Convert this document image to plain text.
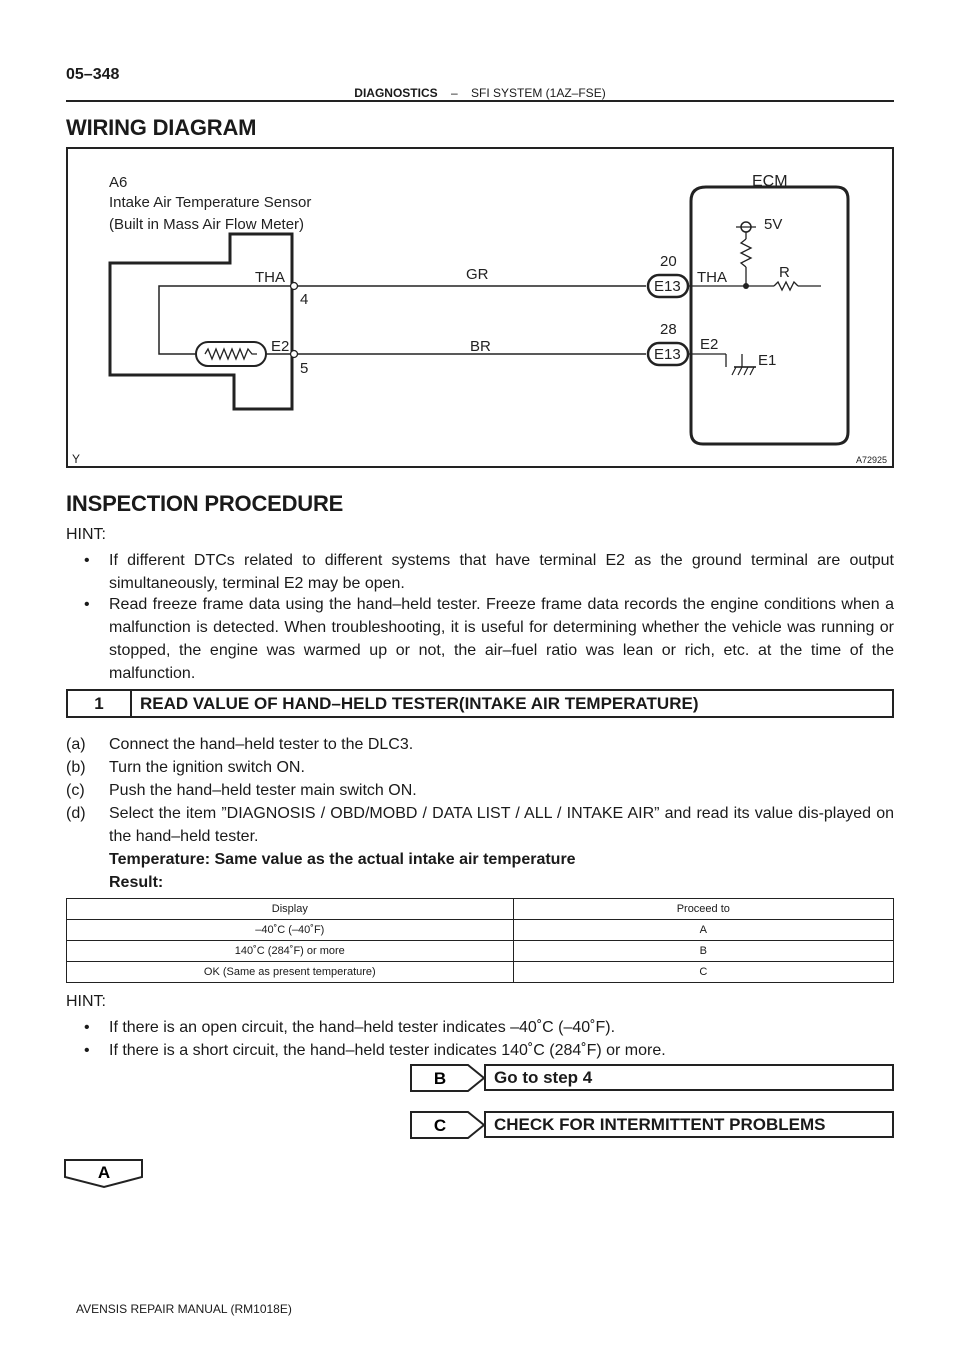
05–348
DIAGNOSTICS – SFI SYSTEM (1AZ–FSE)
WIRING DIAGRAM
A6
Intake Air Temperature Sensor
(Built in Mass Air Flow Meter)
ECM
5V
R
THA
E2
4
5
GR
BR
20
28
E13
E13
THA
E2
E1
Y	A72925
INSPECTION PROCEDURE
HINT:
• If different DTCs related to different systems that have terminal E2 as the ground terminal are output simultaneously, terminal E2 may be open.
• Read freeze frame data using the hand–held tester. Freeze frame data records the engine conditions when a malfunction is detected. When troubleshooting, it is useful for determining whether the vehicle was running or stopped, the engine was warmed up or not, the air–fuel ratio was lean or rich, etc. at the time of the malfunction.
1	READ VALUE OF HAND–HELD TESTER(INTAKE AIR TEMPERATURE)
(a) Connect the hand–held tester to the DLC3.
(b) Turn the ignition switch ON.
(c) Push the hand–held tester main switch ON.
(d) Select the item ”DIAGNOSIS / OBD/MOBD / DATA LIST / ALL / INTAKE AIR” and read its value dis-played on the hand–held tester.
Temperature: Same value as the actual intake air temperature
Result:
Display	Proceed to
–40˚C (–40˚F)	A
140˚C (284˚F) or more	B
OK (Same as present temperature)	C
HINT:
• If there is an open circuit, the hand–held tester indicates –40˚C (–40˚F).
• If there is a short circuit, the hand–held tester indicates 140˚C (284˚F) or more.
B	Go to step 4
C	CHECK FOR INTERMITTENT PROBLEMS
A
AVENSIS REPAIR MANUAL (RM1018E)
